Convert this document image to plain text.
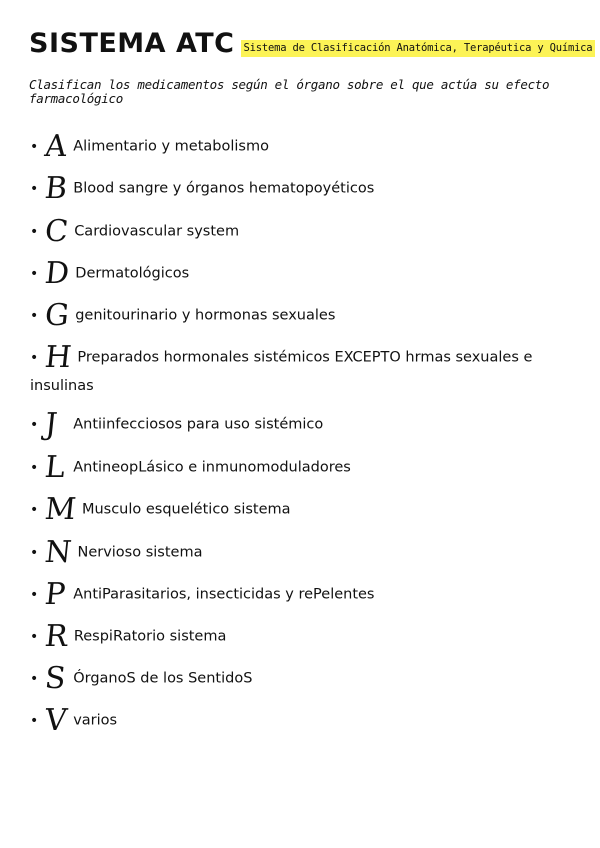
SISTEMA ATC Sistema de Clasificación Anatómica, Terapéutica y Química
Clasifican los medicamentos según el órgano sobre el que actúa su efecto farmacológico
• A Alimentario y metabolismo
• B Blood sangre y órganos hematopoyéticos
• C Cardiovascular system
• D Dermatológicos
• G genitourinario y hormonas sexuales
• H Preparados hormonales sistémicos EXCEPTO hrmas sexuales e insulinas
• J Antiinfecciosos para uso sistémico
• L AntineopLásico e inmunomoduladores
• M Musculo esquelético sistema
• N Nervioso sistema
• P AntiParasitarios, insecticidas y rePelentes
• R RespiRatorio sistema
• S ÓrganoS de los SentidoS
• V varios
